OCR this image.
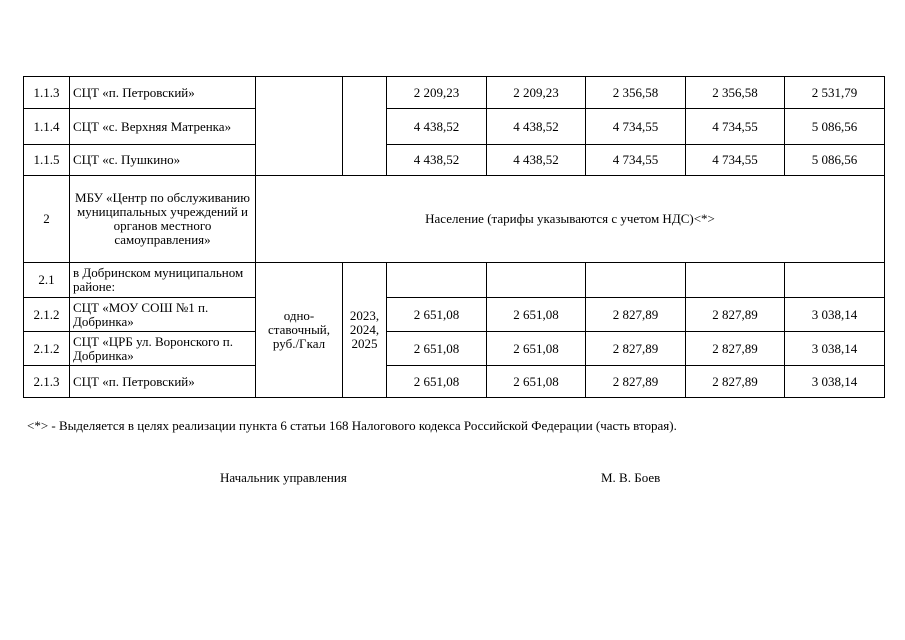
1.1.3	СЦТ «п. Петровский»			2 209,23	2 209,23	2 356,58	2 356,58	2 531,79
1.1.4	СЦТ «с. Верхняя Матренка»			4 438,52	4 438,52	4 734,55	4 734,55	5 086,56
1.1.5	СЦТ «с. Пушкино»			4 438,52	4 438,52	4 734,55	4 734,55	5 086,56
2	МБУ «Центр по обслуживанию муниципальных учреждений и органов местного самоуправления»	Население (тарифы указываются с учетом НДС)<*>						
2.1	в Добринском муниципальном районе:	одно-ставочный, руб./Гкал	2023, 2024, 2025					
2.1.2	СЦТ «МОУ СОШ №1 п. Добринка»			2 651,08	2 651,08	2 827,89	2 827,89	3 038,14
2.1.2	СЦТ «ЦРБ ул. Воронского п. Добринка»			2 651,08	2 651,08	2 827,89	2 827,89	3 038,14
2.1.3	СЦТ «п. Петровский»			2 651,08	2 651,08	2 827,89	2 827,89	3 038,14
<*> - Выделяется в целях реализации пункта 6 статьи 168 Налогового кодекса Российской Федерации (часть вторая).
Начальник управления	М. В. Боев
